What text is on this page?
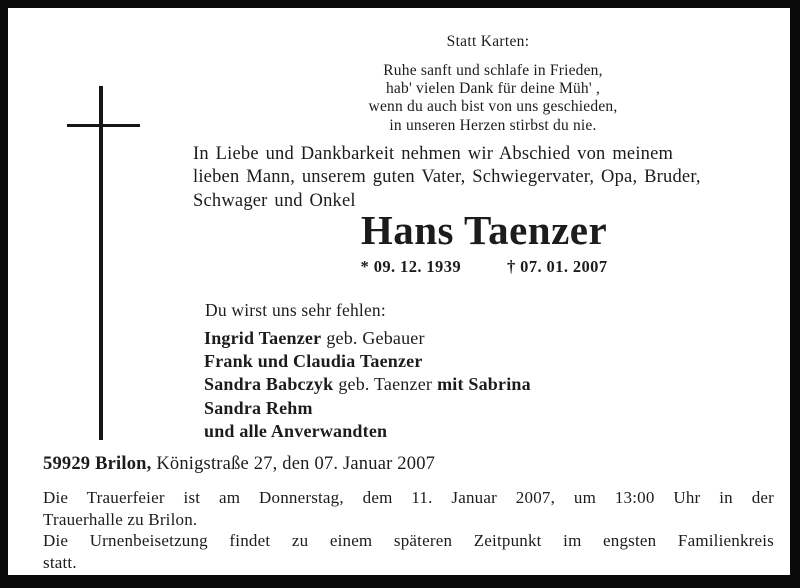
Statt Karten:
Ruhe sanft und schlafe in Frieden,
hab' vielen Dank für deine Müh' ,
wenn du auch bist von uns geschieden,
in unseren Herzen stirbst du nie.
In Liebe und Dankbarkeit nehmen wir Abschied von meinem
lieben Mann, unserem guten Vater, Schwiegervater, Opa, Bruder,
Schwager und Onkel
Hans Taenzer
* 09. 12. 1939	† 07. 01. 2007
Du wirst uns sehr fehlen:
Ingrid Taenzer geb. Gebauer
Frank und Claudia Taenzer
Sandra Babczyk geb. Taenzer mit Sabrina
Sandra Rehm
und alle Anverwandten
59929 Brilon, Königstraße 27, den 07. Januar 2007
Die Trauerfeier ist am Donnerstag, dem 11. Januar 2007, um 13:00 Uhr in der
Trauerhalle zu Brilon.
Die Urnenbeisetzung findet zu einem späteren Zeitpunkt im engsten Familienkreis
statt.
